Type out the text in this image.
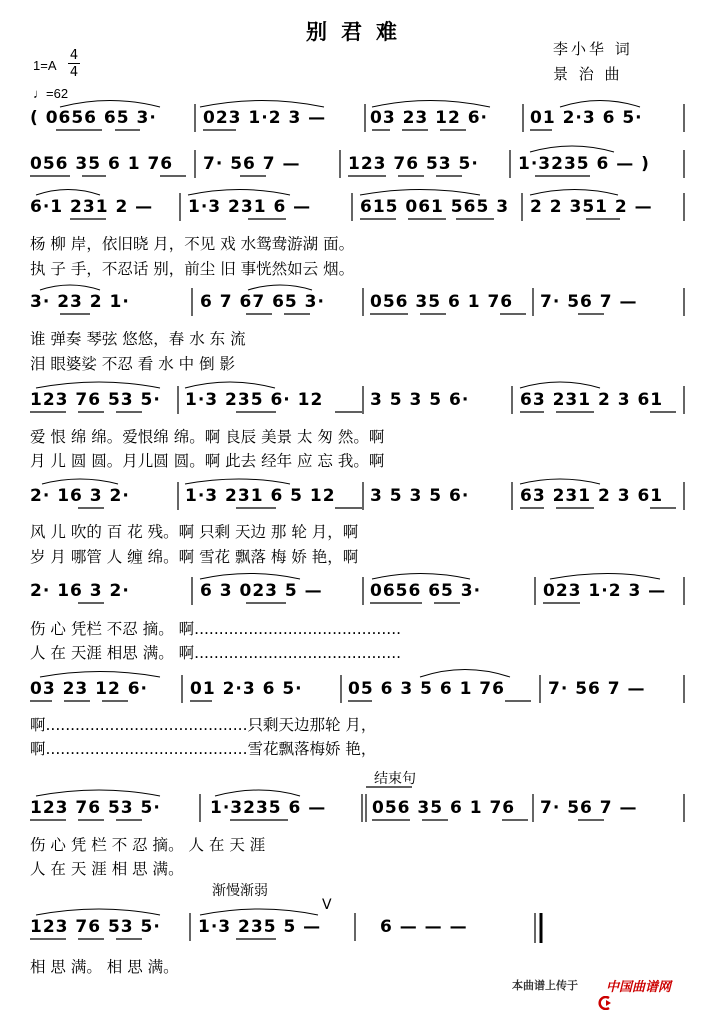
别君难
李小华 词
景 治 曲
1=A
4
4
♩=62
( 0656 65 3·	023 1·2 3 —	03 23 12 6· 01 2·3 6 5·
056 35 6 1 76 7· 56 7 —	123 76 53 5· 1·3235 6 — )
6·1 231 2 — 1·3 231 6 —	615 061 565 3 2 2 351 2 —
杨 柳 岸，依旧晓 月，不见 戏 水鸳鸯游湖 面。
执 子 手，不忍话 别，前尘 旧 事恍然如云 烟。
3· 23 2 1·	6 7 67 65 3·	056 35 6 1 76 7· 56 7 —
谁 弹奏 琴弦 悠悠，春 水 东 流
泪 眼婆娑 不忍 看 水 中 倒 影
123 76 53 5· 1·3 235 6· 12	3 5 3 5 6·	63 231 2 3 61
爱 恨 绵 绵。爱恨绵 绵。啊 良辰 美景 太 匆 然。啊
月 儿 圆 圆。月儿圆 圆。啊 此去 经年 应 忘 我。啊
2· 16 3 2·	1·3 231 6 5 12 3 5 3 5 6·	63 231 2 3 61
风 儿 吹的 百 花 残。啊 只剩 天边 那 轮 月，啊
岁 月 哪管 人 缠 绵。啊 雪花 飘落 梅 娇 艳，啊
2· 16 3 2·	6 3 023 5 —	0656 65 3·	023 1·2 3 —
伤 心 凭栏 不忍 摘。 啊..........................................
人 在 天涯 相思 满。 啊..........................................
03 23 12 6· 01 2·3 6 5·	05 6 3 5 6 1 76	7· 56 7 —
啊.........................................只剩天边那轮 月，
啊.........................................雪花飘落梅娇 艳，
结束句
123 76 53 5·	1·3235 6 —	056 35 6 1 76 7· 56 7 —
伤 心 凭 栏 不 忍 摘。 人 在 天 涯
人 在 天 涯 相 思 满。
渐慢渐弱
V
123 76 53 5· 1·3 235 5 —	6 — — —
相 思 满。 相 思 满。
本曲谱上传于

中国曲谱网
